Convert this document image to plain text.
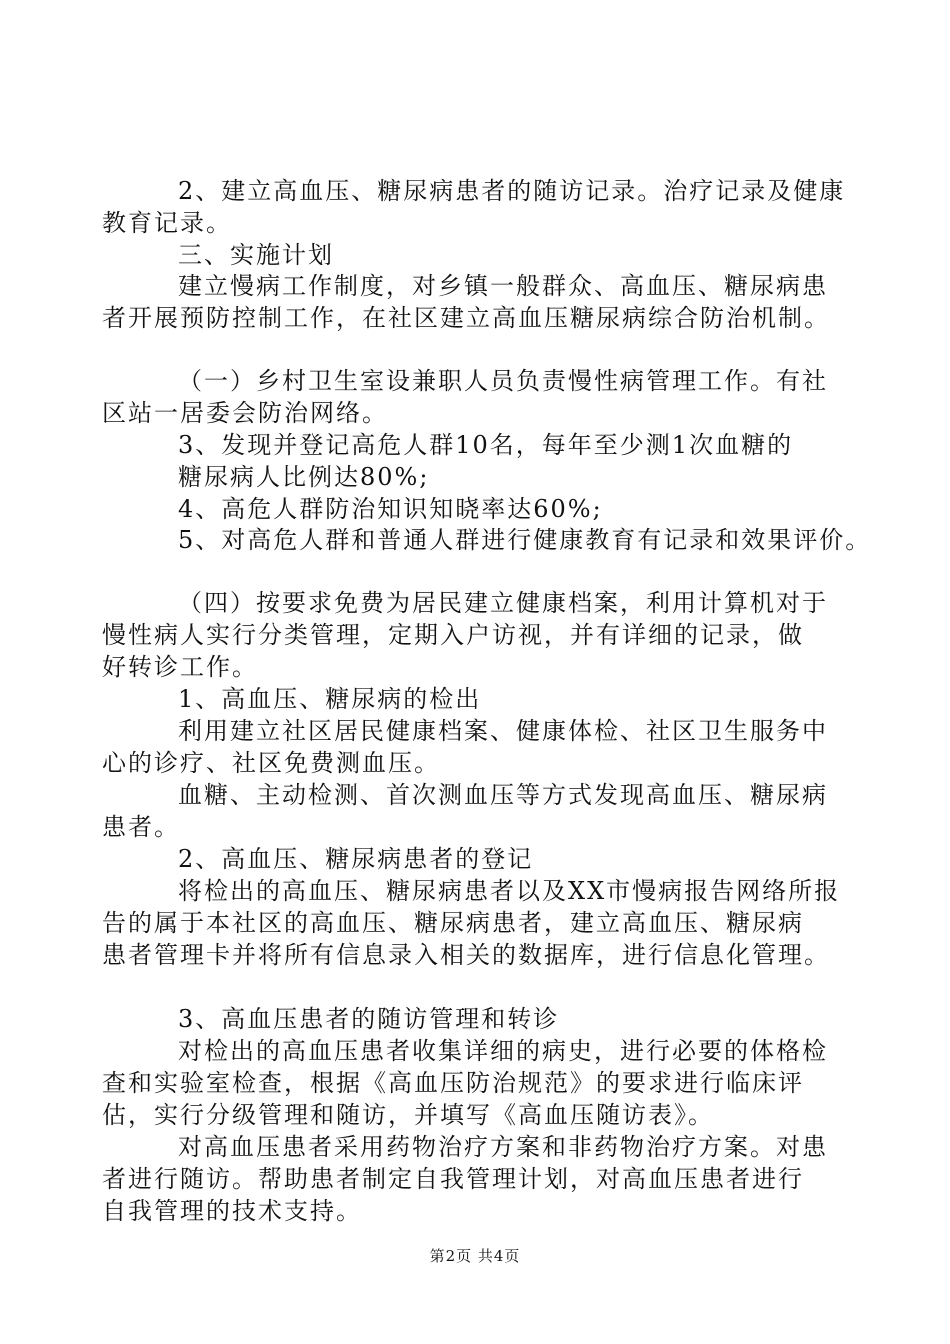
2、建立高血压、糖尿病患者的随访记录。治疗记录及健康
教育记录。
三、实施计划
建立慢病工作制度，对乡镇一般群众、高血压、糖尿病患
者开展预防控制工作，在社区建立高血压糖尿病综合防治机制。
（一）乡村卫生室设兼职人员负责慢性病管理工作。有社
区站一居委会防治网络。
3、发现并登记高危人群10名，每年至少测1次血糖的
糖尿病人比例达80%;
4、高危人群防治知识知晓率达60%;
5、对高危人群和普通人群进行健康教育有记录和效果评价。
（四）按要求免费为居民建立健康档案，利用计算机对于
慢性病人实行分类管理，定期入户访视，并有详细的记录，做
好转诊工作。
1、高血压、糖尿病的检出
利用建立社区居民健康档案、健康体检、社区卫生服务中
心的诊疗、社区免费测血压。
血糖、主动检测、首次测血压等方式发现高血压、糖尿病
患者。
2、高血压、糖尿病患者的登记
将检出的高血压、糖尿病患者以及XX市慢病报告网络所报
告的属于本社区的高血压、糖尿病患者，建立高血压、糖尿病
患者管理卡并将所有信息录入相关的数据库，进行信息化管理。
3、高血压患者的随访管理和转诊
对检出的高血压患者收集详细的病史，进行必要的体格检
查和实验室检查，根据《高血压防治规范》的要求进行临床评
估，实行分级管理和随访，并填写《高血压随访表》。
对高血压患者采用药物治疗方案和非药物治疗方案。对患
者进行随访。帮助患者制定自我管理计划，对高血压患者进行
自我管理的技术支持。
第2页 共4页
